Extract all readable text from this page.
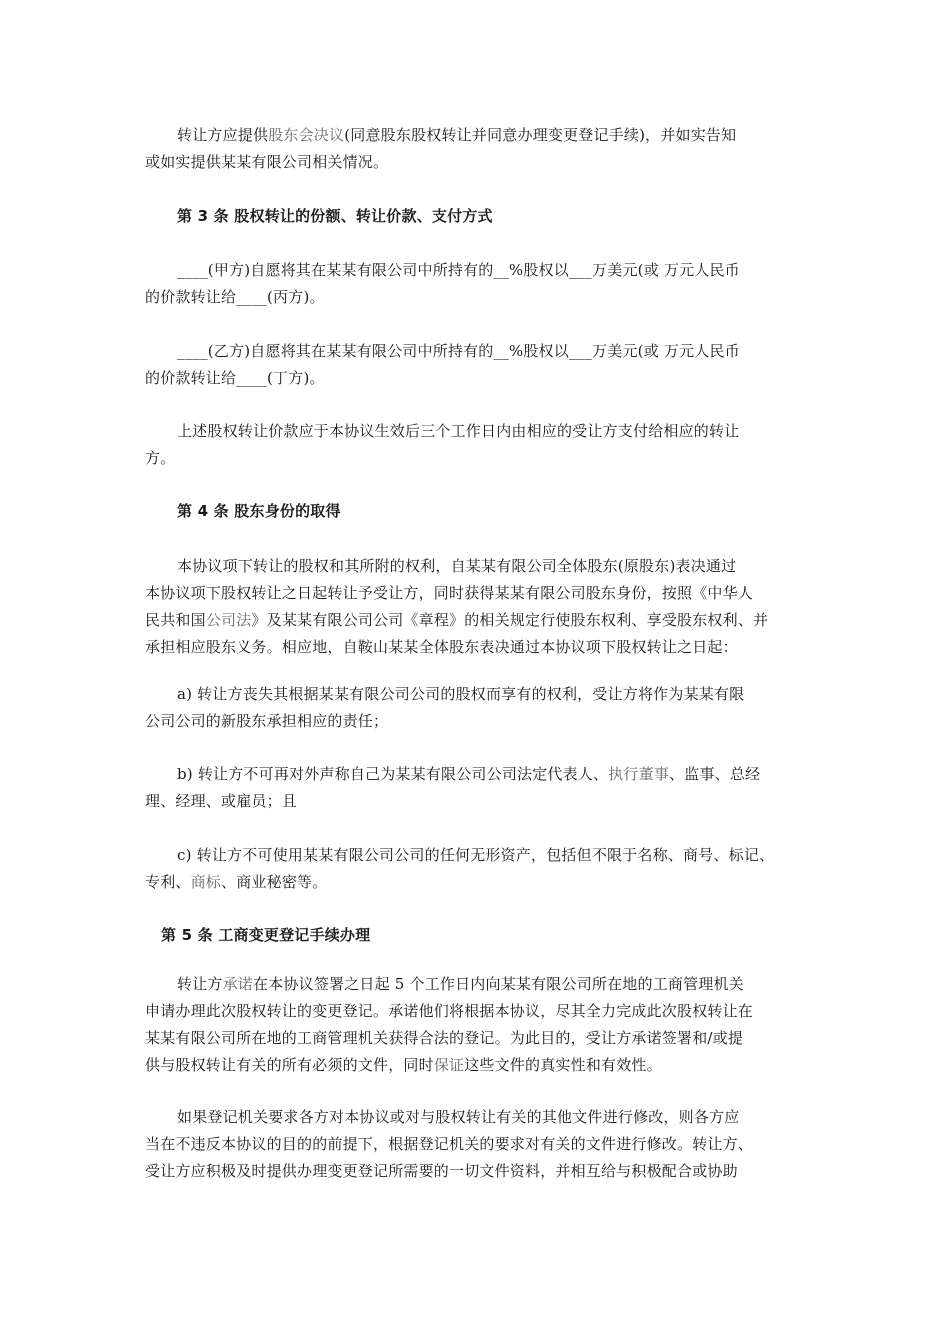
转让方应提供股东会决议(同意股东股权转让并同意办理变更登记手续)，并如实告知
或如实提供某某有限公司相关情况。
第 3 条 股权转让的份额、转让价款、支付方式
____(甲方)自愿将其在某某有限公司中所持有的__%股权以___万美元(或 万元人民币
的价款转让给____(丙方)。
____(乙方)自愿将其在某某有限公司中所持有的__%股权以___万美元(或 万元人民币
的价款转让给____(丁方)。
上述股权转让价款应于本协议生效后三个工作日内由相应的受让方支付给相应的转让
方。
第 4 条 股东身份的取得
本协议项下转让的股权和其所附的权利，自某某有限公司全体股东(原股东)表决通过
本协议项下股权转让之日起转让予受让方，同时获得某某有限公司股东身份，按照《中华人
民共和国公司法》及某某有限公司公司《章程》的相关规定行使股东权利、享受股东权利、并
承担相应股东义务。相应地，自鞍山某某全体股东表决通过本协议项下股权转让之日起：
a) 转让方丧失其根据某某有限公司公司的股权而享有的权利，受让方将作为某某有限
公司公司的新股东承担相应的责任；
b) 转让方不可再对外声称自己为某某有限公司公司法定代表人、执行董事、监事、总经
理、经理、或雇员；且
c) 转让方不可使用某某有限公司公司的任何无形资产，包括但不限于名称、商号、标记、
专利、商标、商业秘密等。
第 5 条 工商变更登记手续办理
转让方承诺在本协议签署之日起 5 个工作日内向某某有限公司所在地的工商管理机关
申请办理此次股权转让的变更登记。承诺他们将根据本协议，尽其全力完成此次股权转让在
某某有限公司所在地的工商管理机关获得合法的登记。为此目的，受让方承诺签署和/或提
供与股权转让有关的所有必须的文件，同时保证这些文件的真实性和有效性。
如果登记机关要求各方对本协议或对与股权转让有关的其他文件进行修改，则各方应
当在不违反本协议的目的的前提下，根据登记机关的要求对有关的文件进行修改。转让方、
受让方应积极及时提供办理变更登记所需要的一切文件资料，并相互给与积极配合或协助
